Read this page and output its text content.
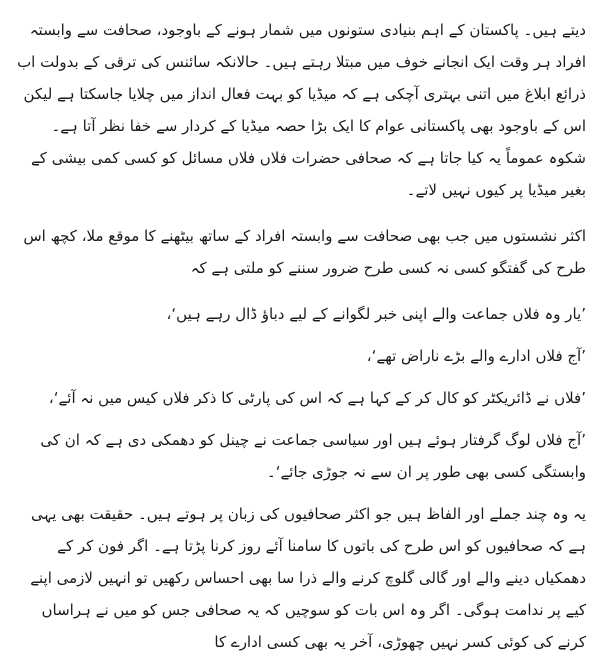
دیتے ہیں۔ پاکستان کے اہم بنیادی ستونوں میں شمار ہونے کے باوجود، صحافت سے وابستہ افراد ہر وقت ایک انجانے خوف میں مبتلا رہتے ہیں۔ حالانکہ سائنس کی ترقی کے بدولت اب ذرائع ابلاغ میں اتنی بہتری آچکی ہے کہ میڈیا کو بہت فعال انداز میں چلایا جاسکتا ہے لیکن اس کے باوجود بھی پاکستانی عوام کا ایک بڑا حصہ میڈیا کے کردار سے خفا نظر آتا ہے۔ شکوہ عموماً یہ کیا جاتا ہے کہ صحافی حضرات فلاں فلاں مسائل کو کسی کمی بیشی کے بغیر میڈیا پر کیوں نہیں لاتے۔

اکثر نشستوں میں جب بھی صحافت سے وابستہ افراد کے ساتھ بیٹھنے کا موقع ملا، کچھ اس طرح کی گفتگو کسی نہ کسی طرح ضرور سننے کو ملتی ہے کہ

’یار وہ فلاں جماعت والے اپنی خبر لگوانے کے لیے دباؤ ڈال رہے ہیں‘،

’آج فلاں ادارے والے بڑے ناراض تھے‘،

’فلاں نے ڈائریکٹر کو کال کر کے کہا ہے کہ اس کی پارٹی کا ذکر فلاں کیس میں نہ آئے‘،

’آج فلاں لوگ گرفتار ہوئے ہیں اور سیاسی جماعت نے چینل کو دھمکی دی ہے کہ ان کی وابستگی کسی بھی طور پر ان سے نہ جوڑی جائے‘۔

یہ وہ چند جملے اور الفاظ ہیں جو اکثر صحافیوں کی زبان پر ہوتے ہیں۔ حقیقت بھی یہی ہے کہ صحافیوں کو اس طرح کی باتوں کا سامنا آئے روز کرنا پڑتا ہے۔ اگر فون کر کے دھمکیاں دینے والے اور گالی گلوچ کرنے والے ذرا سا بھی احساس رکھیں تو انہیں لازمی اپنے کیے پر ندامت ہوگی۔ اگر وہ اس بات کو سوچیں کہ یہ صحافی جس کو میں نے ہراساں کرنے کی کوئی کسر نہیں چھوڑی، آخر یہ بھی کسی ادارے کا
